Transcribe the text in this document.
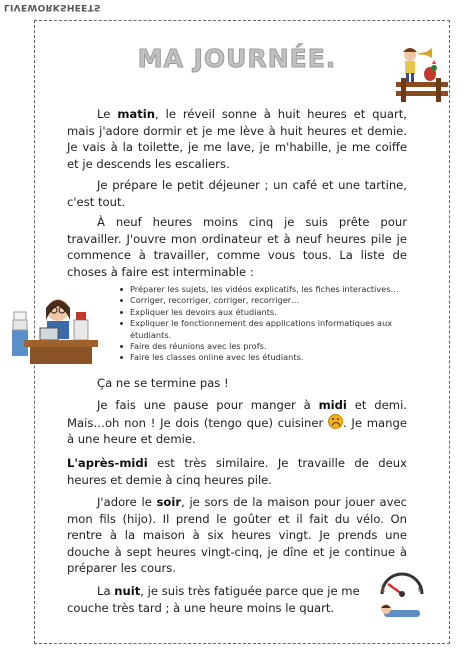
LIVEWORKSHEETS
MA JOURNÉE.
Le matin, le réveil sonne à huit heures et quart, mais j'adore dormir et je me lève à huit heures et demie. Je vais à la toilette, je me lave, je m'habille, je me coiffe et je descends les escaliers.
Je prépare le petit déjeuner ; un café et une tartine, c'est tout.
À neuf heures moins cinq je suis prête pour travailler. J'ouvre mon ordinateur et à neuf heures pile je commence à travailler, comme vous tous. La liste de choses à faire est interminable :
Préparer les sujets, les vidéos explicatifs, les fiches interactives…
Corriger, recorriger, corriger, recorriger…
Expliquer les devoirs aux étudiants.
Expliquer le fonctionnement des applications informatiques aux étudiants.
Faire des réunions avec les profs.
Faire les classes online avec les étudiants.
Ça ne se termine pas !
Je fais une pause pour manger à midi et demi. Mais…oh non ! Je dois (tengo que) cuisiner
. Je mange à une heure et demie.
L'après-midi est très similaire. Je travaille de deux heures et demie à cinq heures pile.
J'adore le soir, je sors de la maison pour jouer avec mon fils (hijo). Il prend le goûter et il fait du vélo. On rentre à la maison à six heures vingt. Je prends une douche à sept heures vingt-cinq, je dîne et je continue à préparer les cours.
La nuit, je suis très fatiguée parce que je me couche très tard ; à une heure moins le quart.
E	F
